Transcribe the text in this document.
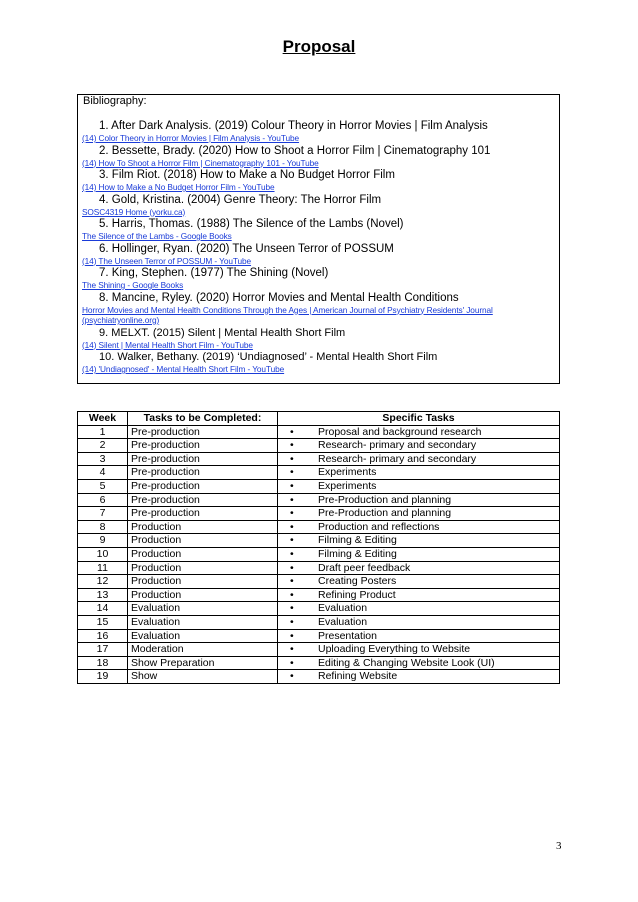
Proposal
Bibliography:
1. After Dark Analysis. (2019) Colour Theory in Horror Movies | Film Analysis
(14) Color Theory in Horror Movies | Film Analysis - YouTube
2. Bessette, Brady. (2020) How to Shoot a Horror Film | Cinematography 101
(14) How To Shoot a Horror Film | Cinematography 101 - YouTube
3. Film Riot. (2018) How to Make a No Budget Horror Film
(14) How to Make a No Budget Horror Film - YouTube
4. Gold, Kristina. (2004) Genre Theory: The Horror Film
SOSC4319 Home (yorku.ca)
5. Harris, Thomas. (1988) The Silence of the Lambs (Novel)
The Silence of the Lambs - Google Books
6. Hollinger, Ryan. (2020) The Unseen Terror of POSSUM
(14) The Unseen Terror of POSSUM - YouTube
7. King, Stephen. (1977) The Shining (Novel)
The Shining - Google Books
8. Mancine, Ryley. (2020) Horror Movies and Mental Health Conditions
Horror Movies and Mental Health Conditions Through the Ages | American Journal of Psychiatry Residents' Journal (psychiatryonline.org)
9. MELXT. (2015) Silent | Mental Health Short Film
(14) Silent | Mental Health Short Film - YouTube
10. Walker, Bethany. (2019) ‘Undiagnosed’ - Mental Health Short Film
(14) 'Undiagnosed' - Mental Health Short Film - YouTube
Week	Tasks to be Completed:	Specific Tasks
1	Pre-production	• Proposal and background research
2	Pre-production	• Research- primary and secondary
3	Pre-production	• Research- primary and secondary
4	Pre-production	• Experiments
5	Pre-production	• Experiments
6	Pre-production	• Pre-Production and planning
7	Pre-production	• Pre-Production and planning
8	Production	• Production and reflections
9	Production	• Filming & Editing
10	Production	• Filming & Editing
11	Production	• Draft peer feedback
12	Production	• Creating Posters
13	Production	• Refining Product
14	Evaluation	• Evaluation
15	Evaluation	• Evaluation
16	Evaluation	• Presentation
17	Moderation	• Uploading Everything to Website
18	Show Preparation	• Editing & Changing Website Look (UI)
19	Show	• Refining Website
3
